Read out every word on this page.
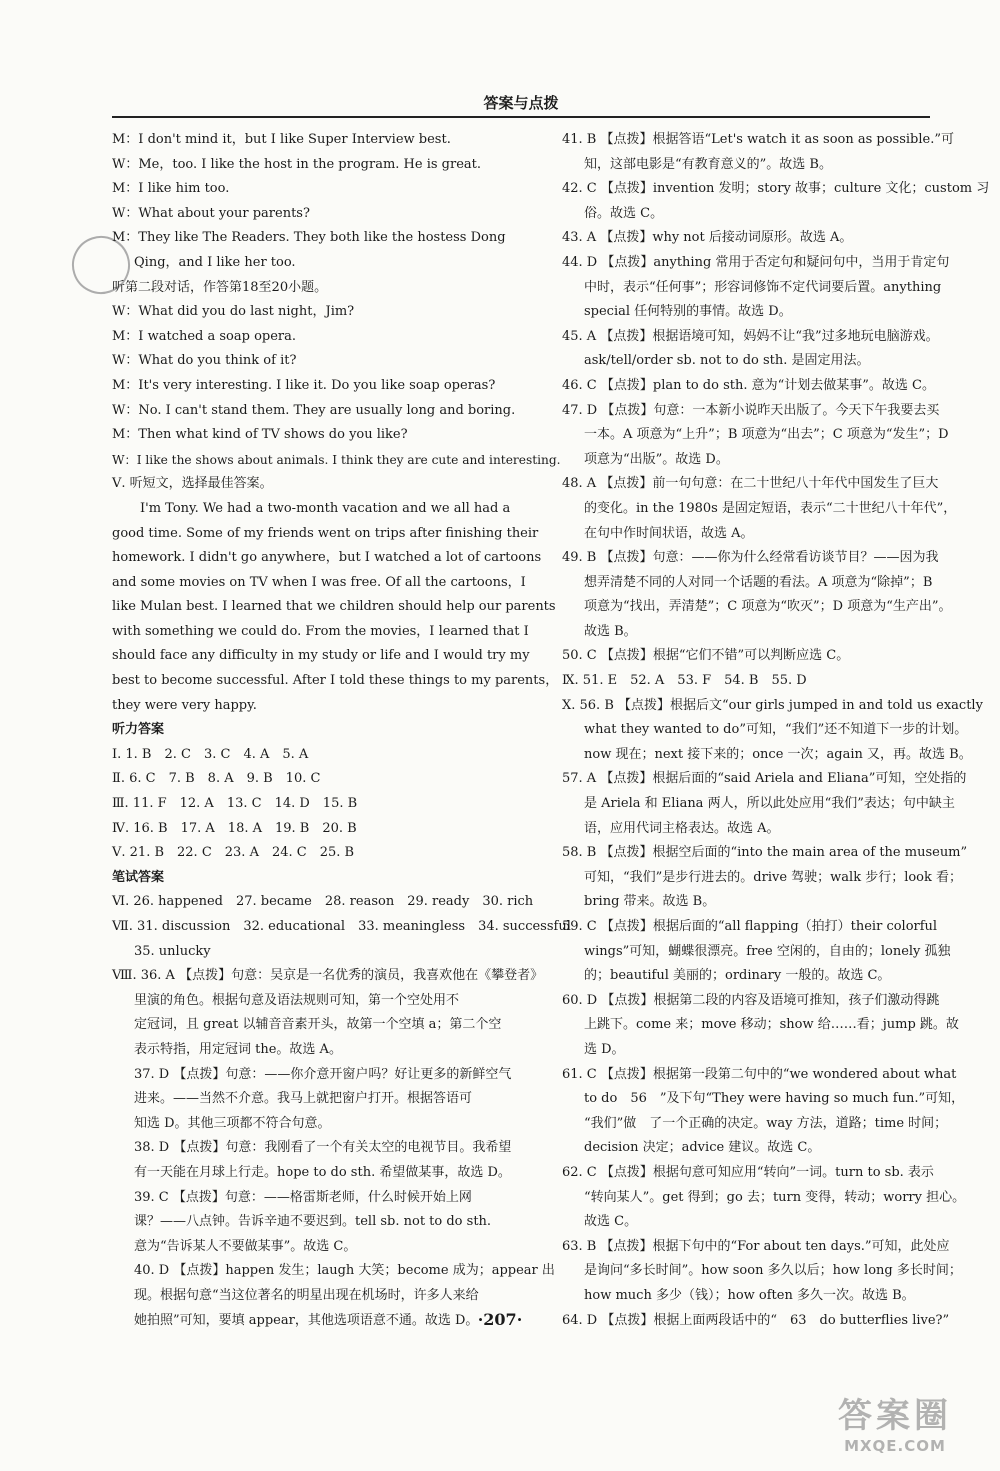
答案与点拨
M：I don't mind it，but I like Super Interview best.
W：Me，too. I like the host in the program. He is great.
M：I like him too.
W：What about your parents?
M：They like The Readers. They both like the hostess Dong
Qing，and I like her too.
听第二段对话，作答第18至20小题。
W：What did you do last night，Jim?
M：I watched a soap opera.
W：What do you think of it?
M：It's very interesting. I like it. Do you like soap operas?
W：No. I can't stand them. They are usually long and boring.
M：Then what kind of TV shows do you like?
W：I like the shows about animals. I think they are cute and interesting.
Ⅴ. 听短文，选择最佳答案。
I'm Tony. We had a two-month vacation and we all had a
good time. Some of my friends went on trips after finishing their
homework. I didn't go anywhere，but I watched a lot of cartoons
and some movies on TV when I was free. Of all the cartoons，I
like Mulan best. I learned that we children should help our parents
with something we could do. From the movies，I learned that I
should face any difficulty in my study or life and I would try my
best to become successful. After I told these things to my parents，
they were very happy.
听力答案
Ⅰ. 1. B　2. C　3. C　4. A　5. A
Ⅱ. 6. C　7. B　8. A　9. B　10. C
Ⅲ. 11. F　12. A　13. C　14. D　15. B
Ⅳ. 16. B　17. A　18. A　19. B　20. B
Ⅴ. 21. B　22. C　23. A　24. C　25. B
笔试答案
Ⅵ. 26. happened　27. became　28. reason　29. ready　30. rich
Ⅶ. 31. discussion　32. educational　33. meaningless　34. successful
35. unlucky
Ⅷ. 36. A 【点拨】句意：吴京是一名优秀的演员，我喜欢他在《攀登者》
里演的角色。根据句意及语法规则可知，第一个空处用不
定冠词，且 great 以辅音音素开头，故第一个空填 a；第二个空
表示特指，用定冠词 the。故选 A。
37. D 【点拨】句意：——你介意开窗户吗？好让更多的新鲜空气
进来。——当然不介意。我马上就把窗户打开。根据答语可
知选 D。其他三项都不符合句意。
38. D 【点拨】句意：我刚看了一个有关太空的电视节目。我希望
有一天能在月球上行走。hope to do sth. 希望做某事，故选 D。
39. C 【点拨】句意：——格雷斯老师，什么时候开始上网
课？——八点钟。告诉辛迪不要迟到。tell sb. not to do sth.
意为“告诉某人不要做某事”。故选 C。
40. D 【点拨】happen 发生；laugh 大笑；become 成为；appear 出
现。根据句意“当这位著名的明星出现在机场时，许多人来给
她拍照”可知，要填 appear，其他选项语意不通。故选 D。
41. B 【点拨】根据答语“Let's watch it as soon as possible.”可
知，这部电影是“有教育意义的”。故选 B。
42. C 【点拨】invention 发明；story 故事；culture 文化；custom 习
俗。故选 C。
43. A 【点拨】why not 后接动词原形。故选 A。
44. D 【点拨】anything 常用于否定句和疑问句中，当用于肯定句
中时，表示“任何事”；形容词修饰不定代词要后置。anything
special 任何特别的事情。故选 D。
45. A 【点拨】根据语境可知，妈妈不让“我”过多地玩电脑游戏。
ask/tell/order sb. not to do sth. 是固定用法。
46. C 【点拨】plan to do sth. 意为“计划去做某事”。故选 C。
47. D 【点拨】句意：一本新小说昨天出版了。今天下午我要去买
一本。A 项意为“上升”；B 项意为“出去”；C 项意为“发生”；D
项意为“出版”。故选 D。
48. A 【点拨】前一句句意：在二十世纪八十年代中国发生了巨大
的变化。in the 1980s 是固定短语，表示“二十世纪八十年代”，
在句中作时间状语，故选 A。
49. B 【点拨】句意：——你为什么经常看访谈节目？——因为我
想弄清楚不同的人对同一个话题的看法。A 项意为“除掉”；B
项意为“找出，弄清楚”；C 项意为“吹灭”；D 项意为“生产出”。
故选 B。
50. C 【点拨】根据“它们不错”可以判断应选 C。
Ⅸ. 51. E　52. A　53. F　54. B　55. D
Ⅹ. 56. B 【点拨】根据后文“our girls jumped in and told us exactly
what they wanted to do”可知，“我们”还不知道下一步的计划。
now 现在；next 接下来的；once 一次；again 又，再。故选 B。
57. A 【点拨】根据后面的“said Ariela and Eliana”可知，空处指的
是 Ariela 和 Eliana 两人，所以此处应用“我们”表达；句中缺主
语，应用代词主格表达。故选 A。
58. B 【点拨】根据空后面的“into the main area of the museum”
可知，“我们”是步行进去的。drive 驾驶；walk 步行；look 看；
bring 带来。故选 B。
59. C 【点拨】根据后面的“all flapping（拍打）their colorful
wings”可知，蝴蝶很漂亮。free 空闲的，自由的；lonely 孤独
的；beautiful 美丽的；ordinary 一般的。故选 C。
60. D 【点拨】根据第二段的内容及语境可推知，孩子们激动得跳
上跳下。come 来；move 移动；show 给……看；jump 跳。故
选 D。
61. C 【点拨】根据第一段第二句中的“we wondered about what
to do　56　”及下句“They were having so much fun.”可知，
“我们”做　了一个正确的决定。way 方法，道路；time 时间；
decision 决定；advice 建议。故选 C。
62. C 【点拨】根据句意可知应用“转向”一词。turn to sb. 表示
“转向某人”。get 得到；go 去；turn 变得，转动；worry 担心。
故选 C。
63. B 【点拨】根据下句中的“For about ten days.”可知，此处应
是询问“多长时间”。how soon 多久以后；how long 多长时间；
how much 多少（钱）；how often 多久一次。故选 B。
64. D 【点拨】根据上面两段话中的“　63　do butterflies live?”
·207·
答案圈
MXQE.COM
